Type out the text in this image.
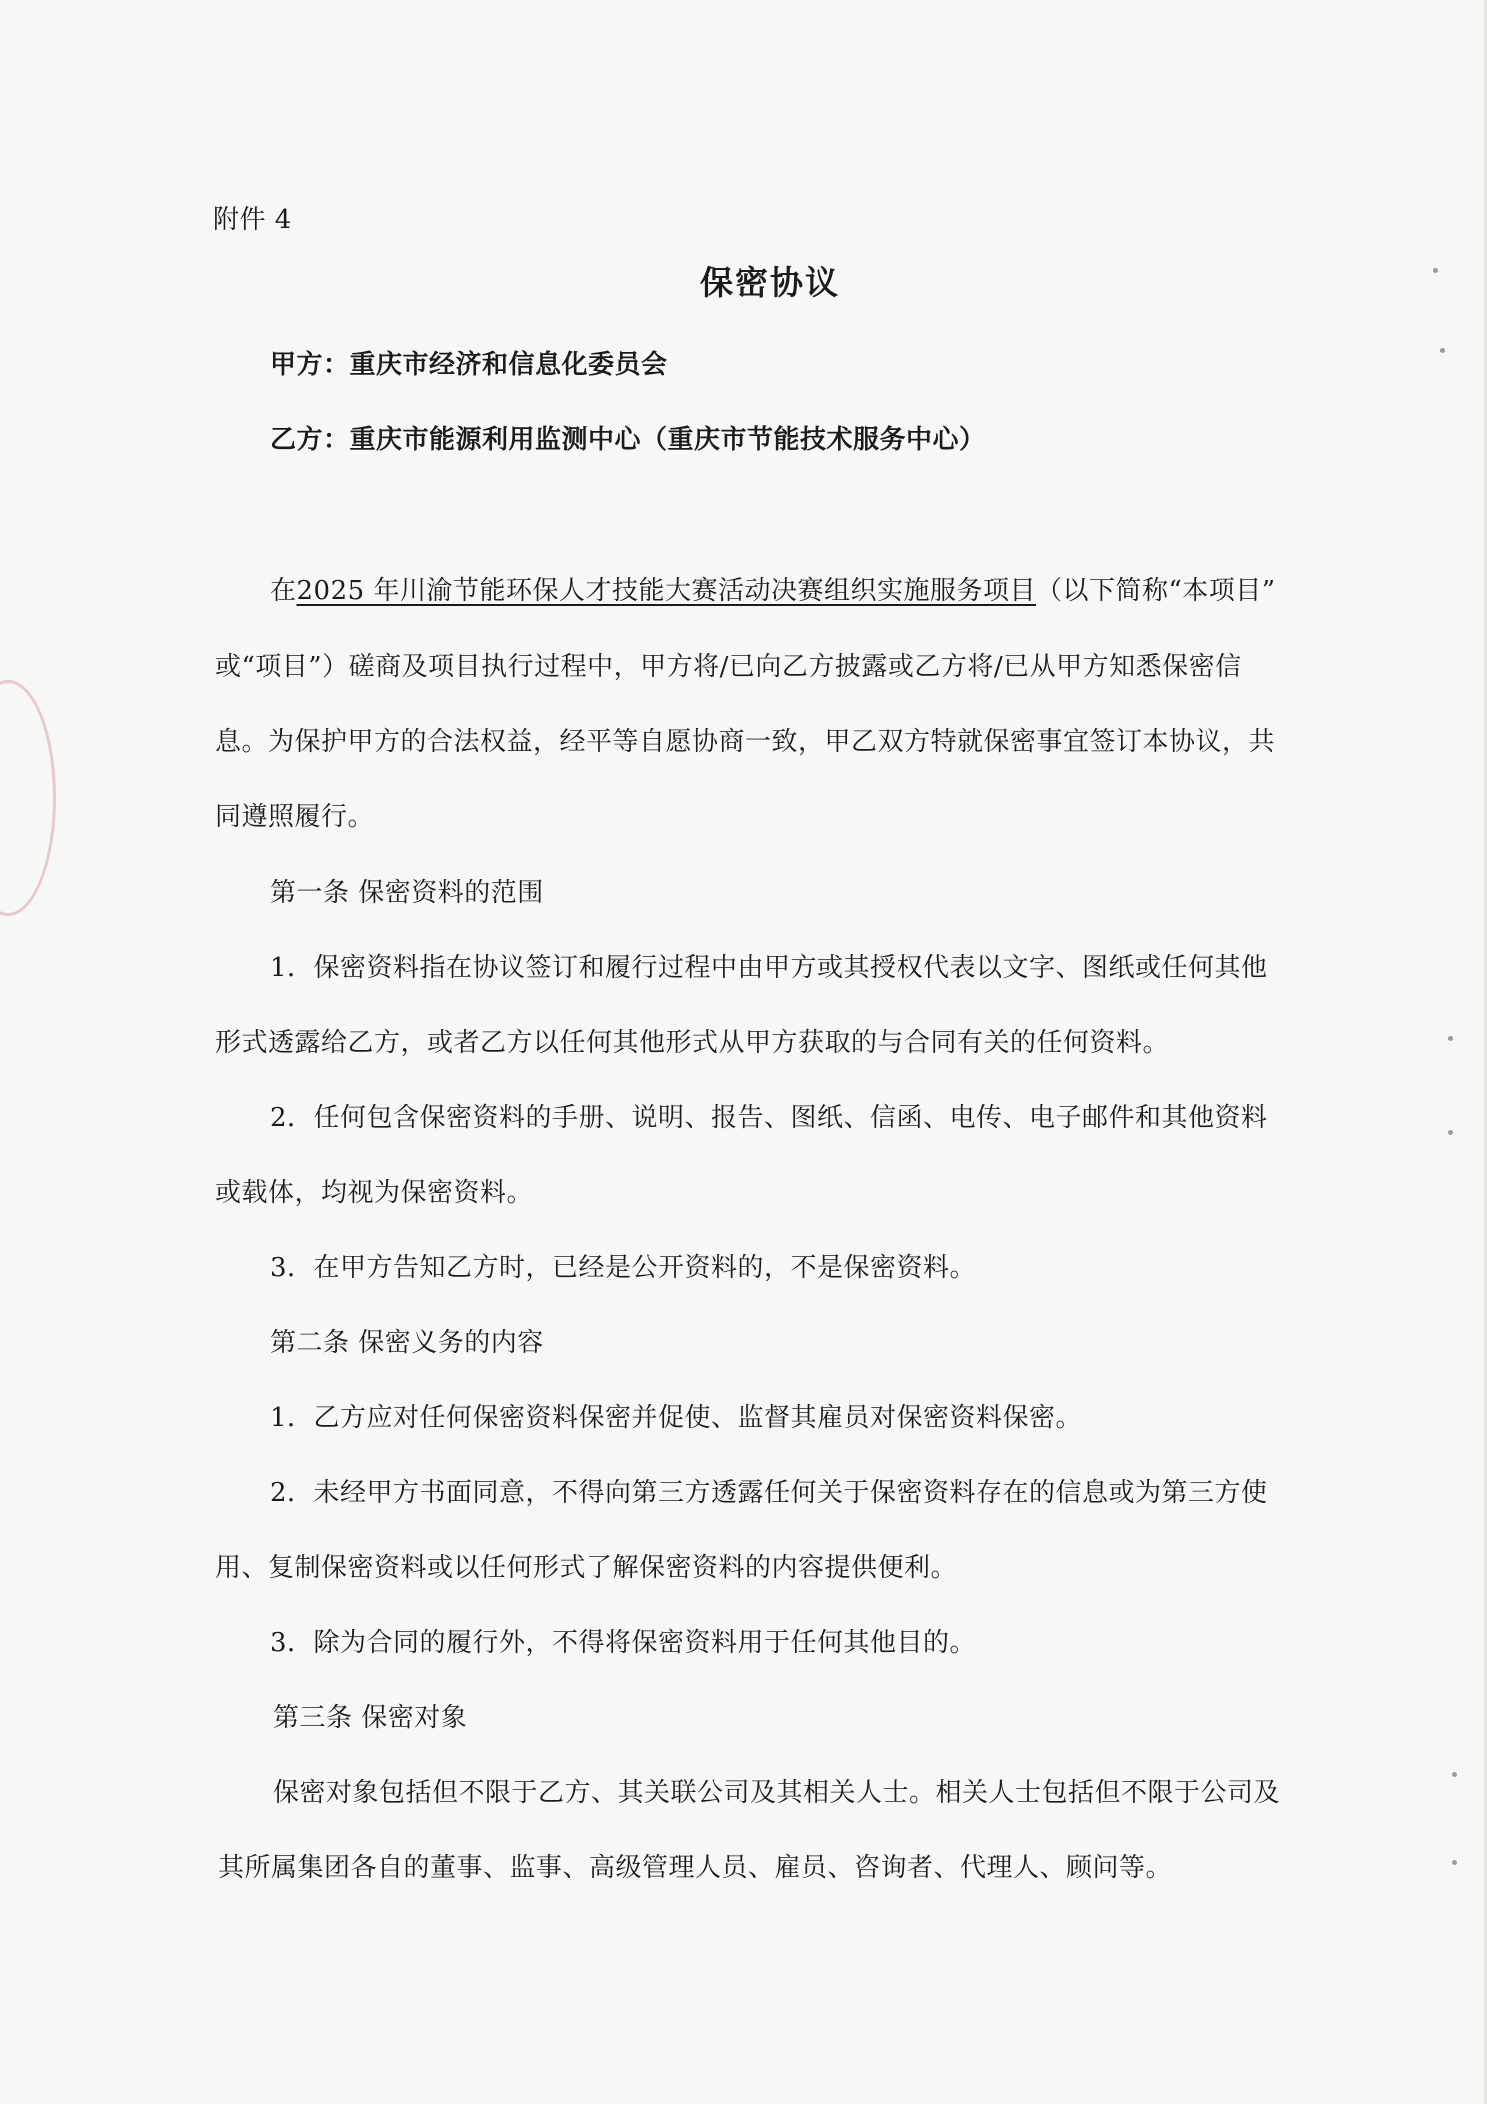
附件 4
保密协议
甲方：重庆市经济和信息化委员会
乙方：重庆市能源利用监测中心（重庆市节能技术服务中心）
在2025 年川渝节能环保人才技能大赛活动决赛组织实施服务项目（以下简称“本项目”
或“项目”）磋商及项目执行过程中，甲方将/已向乙方披露或乙方将/已从甲方知悉保密信
息。为保护甲方的合法权益，经平等自愿协商一致，甲乙双方特就保密事宜签订本协议，共
同遵照履行。
第一条 保密资料的范围
1．保密资料指在协议签订和履行过程中由甲方或其授权代表以文字、图纸或任何其他
形式透露给乙方，或者乙方以任何其他形式从甲方获取的与合同有关的任何资料。
2．任何包含保密资料的手册、说明、报告、图纸、信函、电传、电子邮件和其他资料
或载体，均视为保密资料。
3．在甲方告知乙方时，已经是公开资料的，不是保密资料。
第二条 保密义务的内容
1．乙方应对任何保密资料保密并促使、监督其雇员对保密资料保密。
2．未经甲方书面同意，不得向第三方透露任何关于保密资料存在的信息或为第三方使
用、复制保密资料或以任何形式了解保密资料的内容提供便利。
3．除为合同的履行外，不得将保密资料用于任何其他目的。
第三条 保密对象
保密对象包括但不限于乙方、其关联公司及其相关人士。相关人士包括但不限于公司及
其所属集团各自的董事、监事、高级管理人员、雇员、咨询者、代理人、顾问等。
